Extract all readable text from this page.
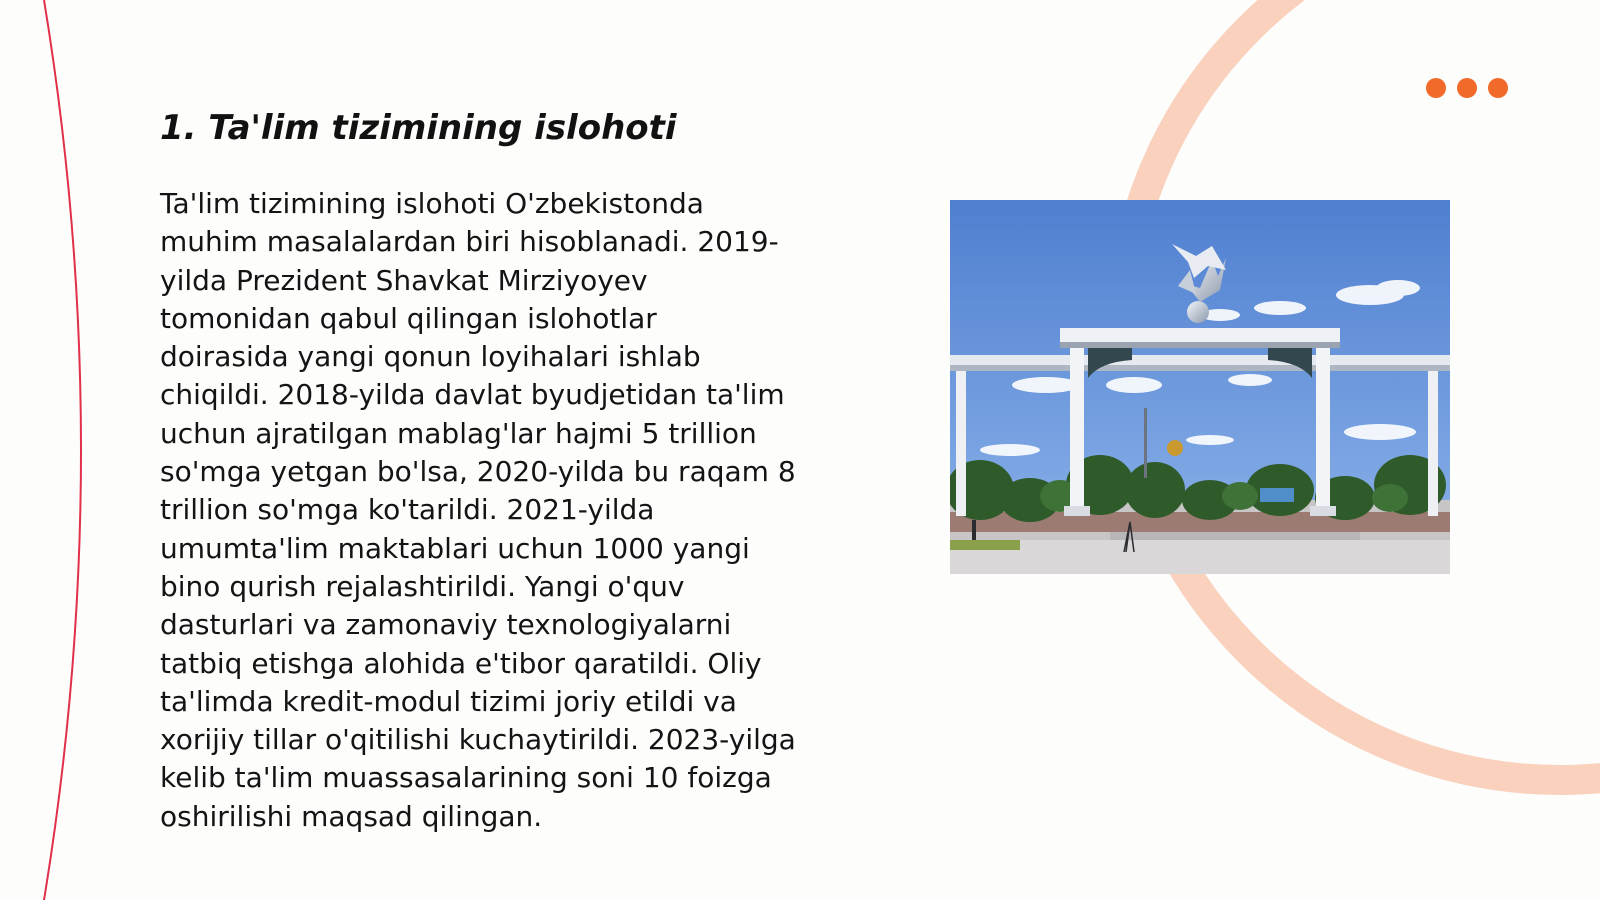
1. Ta'lim tizimining islohoti

Ta'lim tizimining islohoti O'zbekistonda
muhim masalalardan biri hisoblanadi. 2019-
yilda Prezident Shavkat Mirziyoyev
tomonidan qabul qilingan islohotlar
doirasida yangi qonun loyihalari ishlab
chiqildi. 2018-yilda davlat byudjetidan ta'lim
uchun ajratilgan mablag'lar hajmi 5 trillion
so'mga yetgan bo'lsa, 2020-yilda bu raqam 8
trillion so'mga ko'tarildi. 2021-yilda
umumta'lim maktablari uchun 1000 yangi
bino qurish rejalashtirildi. Yangi o'quv
dasturlari va zamonaviy texnologiyalarni
tatbiq etishga alohida e'tibor qaratildi. Oliy
ta'limda kredit-modul tizimi joriy etildi va
xorijiy tillar o'qitilishi kuchaytirildi. 2023-yilga
kelib ta'lim muassasalarining soni 10 foizga
oshirilishi maqsad qilingan.
